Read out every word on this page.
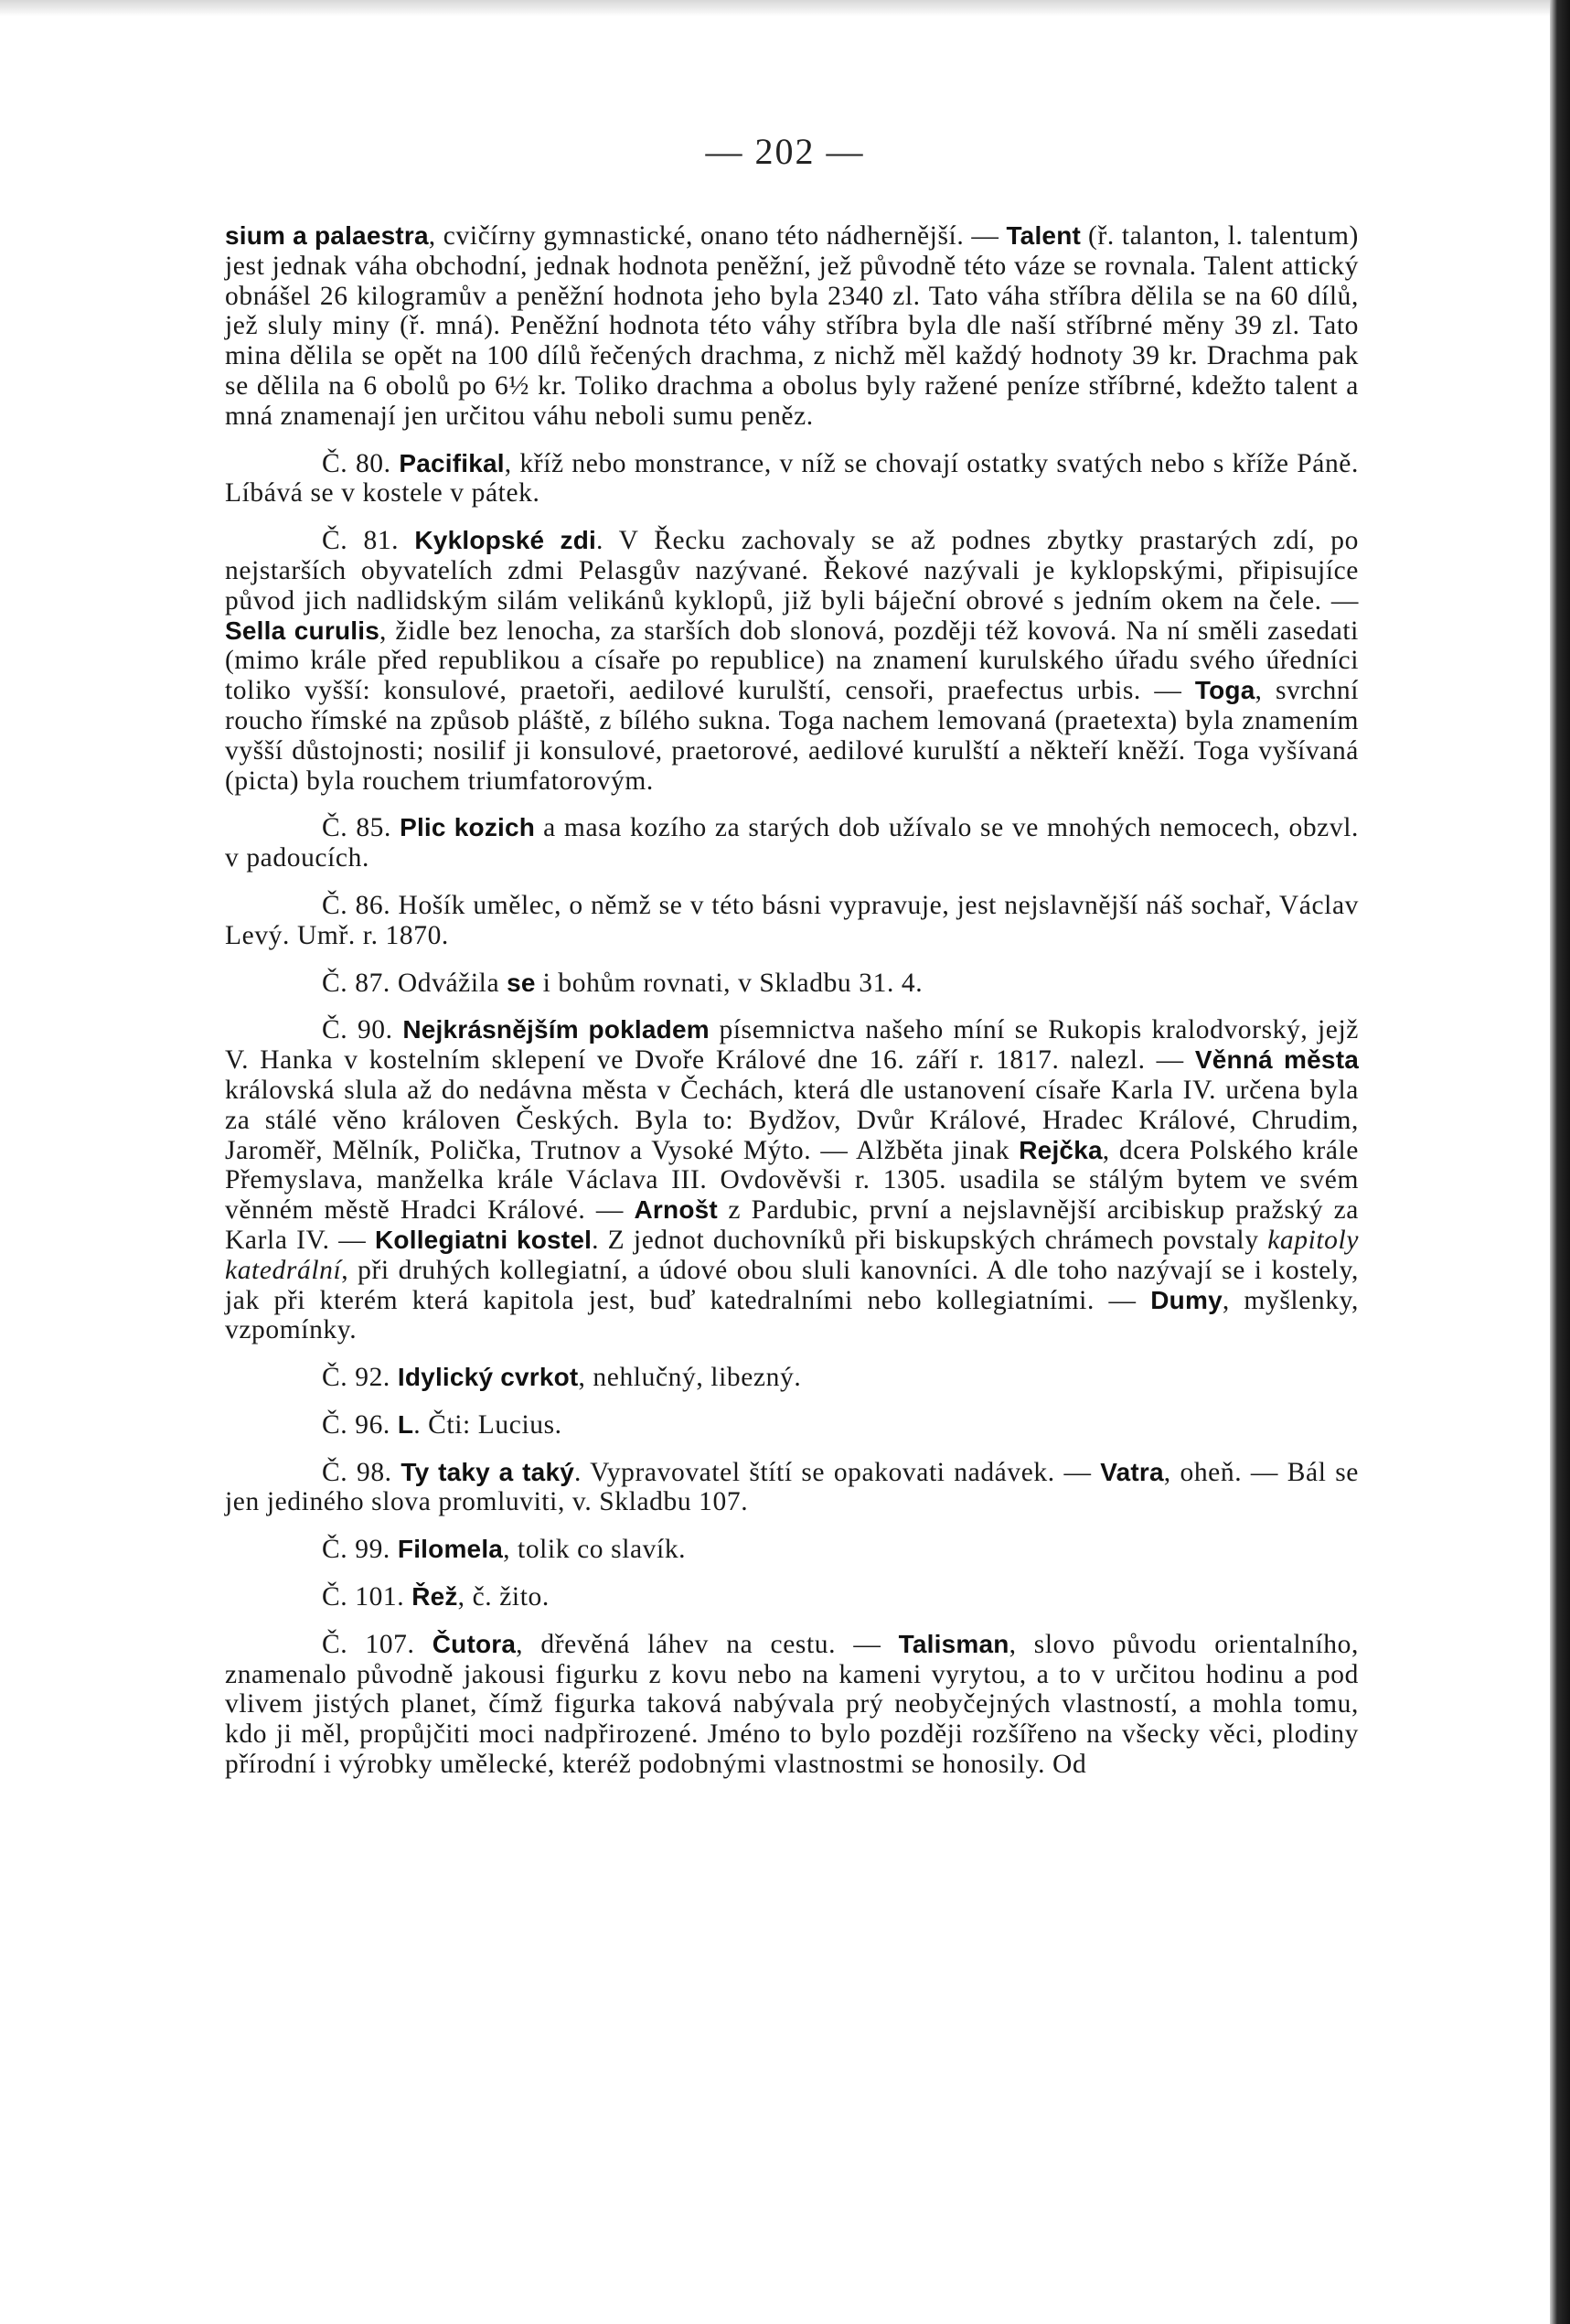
— 202 —

sium a palaestra, cvičírny gymnastické, onano této nádhernější. — Talent (ř. talanton, l. talentum) jest jednak váha obchodní, jednak hodnota peněžní, jež původně této váze se rovnala. Talent attický obnášel 26 kilogramův a peněžní hodnota jeho byla 2340 zl. Tato váha stříbra dělila se na 60 dílů, jež sluly miny (ř. mná). Peněžní hodnota této váhy stříbra byla dle naší stříbrné měny 39 zl. Tato mina dělila se opět na 100 dílů řečených drachma, z nichž měl každý hodnoty 39 kr. Drachma pak se dělila na 6 obolů po 6½ kr. Toliko drachma a obolus byly ražené peníze stříbrné, kdežto talent a mná znamenají jen určitou váhu neboli sumu peněz.

Č. 80. Pacifikal, kříž nebo monstrance, v níž se chovají ostatky svatých nebo s kříže Páně. Líbává se v kostele v pátek.

Č. 81. Kyklopské zdi. V Řecku zachovaly se až podnes zbytky prastarých zdí, po nejstarších obyvatelích zdmi Pelasgův nazývané. Řekové nazývali je kyklopskými, připisujíce původ jich nadlidským silám velikánů kyklopů, již byli báječní obrové s jedním okem na čele. — Sella curulis, židle bez lenocha, za starších dob slonová, později též kovová. Na ní směli zasedati (mimo krále před republikou a císaře po republice) na znamení kurulského úřadu svého úředníci toliko vyšší: konsulové, praetoři, aedilové kurulští, censoři, praefectus urbis. — Toga, svrchní roucho římské na způsob pláště, z bílého sukna. Toga nachem lemovaná (praetexta) byla znamením vyšší důstojnosti; nosilif ji konsulové, praetorové, aedilové kurulští a někteří kněží. Toga vyšívaná (picta) byla rouchem triumfatorovým.

Č. 85. Plic kozich a masa kozího za starých dob užívalo se ve mnohých nemocech, obzvl. v padoucích.

Č. 86. Hošík umělec, o němž se v této básni vypravuje, jest nejslavnější náš sochař, Václav Levý. Umř. r. 1870.

Č. 87. Odvážila se i bohům rovnati, v Skladbu 31. 4.

Č. 90. Nejkrásnějším pokladem písemnictva našeho míní se Rukopis kralodvorský, jejž V. Hanka v kostelním sklepení ve Dvoře Králové dne 16. září r. 1817. nalezl. — Věnná města královská slula až do nedávna města v Čechách, která dle ustanovení císaře Karla IV. určena byla za stálé věno královen Českých. Byla to: Bydžov, Dvůr Králové, Hradec Králové, Chrudim, Jaroměř, Mělník, Polička, Trutnov a Vysoké Mýto. — Alžběta jinak Rejčka, dcera Polského krále Přemyslava, manželka krále Václava III. Ovdověvši r. 1305. usadila se stálým bytem ve svém věnném městě Hradci Králové. — Arnošt z Pardubic, první a nejslavnější arcibiskup pražský za Karla IV. — Kollegiatni kostel. Z jednot duchovníků při biskupských chrámech povstaly kapitoly katedrální, při druhých kollegiatní, a údové obou sluli kanovníci. A dle toho nazývají se i kostely, jak při kterém která kapitola jest, buď katedralními nebo kollegiatními. — Dumy, myšlenky, vzpomínky.

Č. 92. Idylický cvrkot, nehlučný, libezný.

Č. 96. L. Čti: Lucius.

Č. 98. Ty taky a taký. Vypravovatel štítí se opakovati nadávek. — Vatra, oheň. — Bál se jen jediného slova promluviti, v. Skladbu 107.

Č. 99. Filomela, tolik co slavík.

Č. 101. Řež, č. žito.

Č. 107. Čutora, dřevěná láhev na cestu. — Talisman, slovo původu orientalního, znamenalo původně jakousi figurku z kovu nebo na kameni vyrytou, a to v určitou hodinu a pod vlivem jistých planet, čímž figurka taková nabývala prý neobyčejných vlastností, a mohla tomu, kdo ji měl, propůjčiti moci nadpřirozené. Jméno to bylo později rozšířeno na všecky věci, plodiny přírodní i výrobky umělecké, kteréž podobnými vlastnostmi se honosily. Od
